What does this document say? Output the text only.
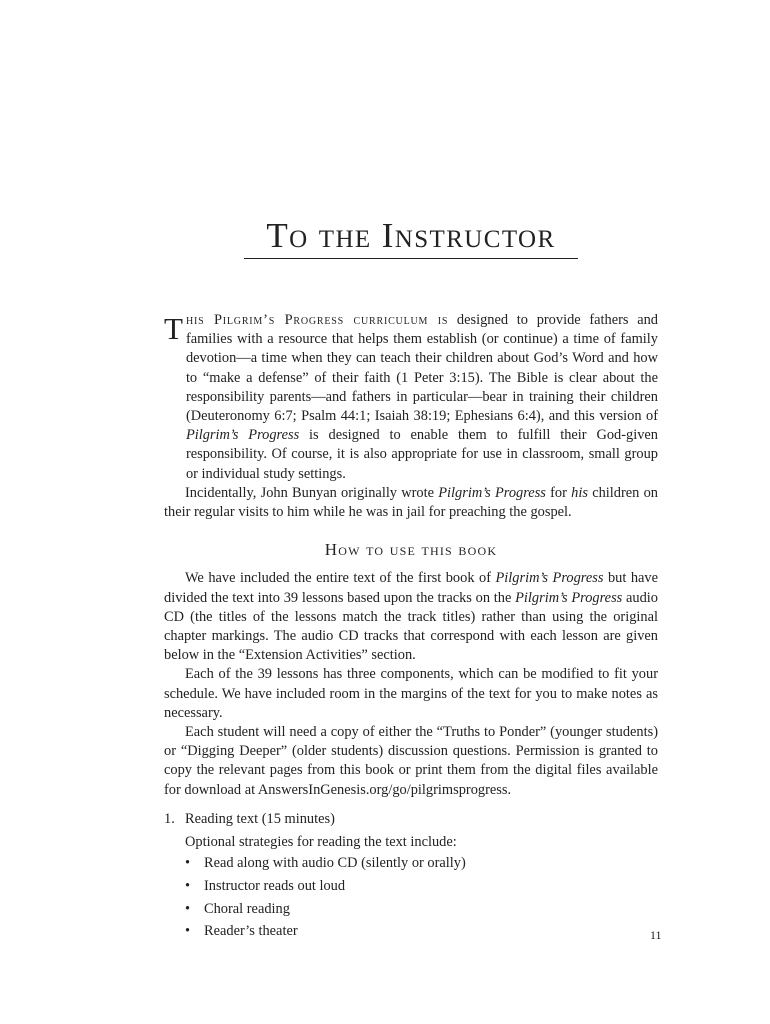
To the Instructor
T his Pilgrim’s Progress curriculum is designed to provide fathers and families with a resource that helps them establish (or continue) a time of family devotion—a time when they can teach their children about God’s Word and how to “make a defense” of their faith (1 Peter 3:15). The Bible is clear about the responsibility parents—and fathers in particular—bear in training their children (Deuteronomy 6:7; Psalm 44:1; Isaiah 38:19; Ephesians 6:4), and this version of Pilgrim’s Progress is designed to enable them to fulfill their God-given responsibility. Of course, it is also appropriate for use in classroom, small group or individual study settings.

Incidentally, John Bunyan originally wrote Pilgrim’s Progress for his children on their regular visits to him while he was in jail for preaching the gospel.

How to use this book

We have included the entire text of the first book of Pilgrim’s Progress but have divided the text into 39 lessons based upon the tracks on the Pilgrim’s Progress audio CD (the titles of the lessons match the track titles) rather than using the original chapter markings. The audio CD tracks that correspond with each lesson are given below in the “Extension Activities” section.

Each of the 39 lessons has three components, which can be modified to fit your schedule. We have included room in the margins of the text for you to make notes as necessary.

Each student will need a copy of either the “Truths to Ponder” (younger students) or “Digging Deeper” (older students) discussion questions. Permission is granted to copy the relevant pages from this book or print them from the digital files available for download at AnswersInGenesis.org/go/pilgrimsprogress.

1. Reading text (15 minutes)
Optional strategies for reading the text include:
• Read along with audio CD (silently or orally)
• Instructor reads out loud
• Choral reading
• Reader’s theater	11
